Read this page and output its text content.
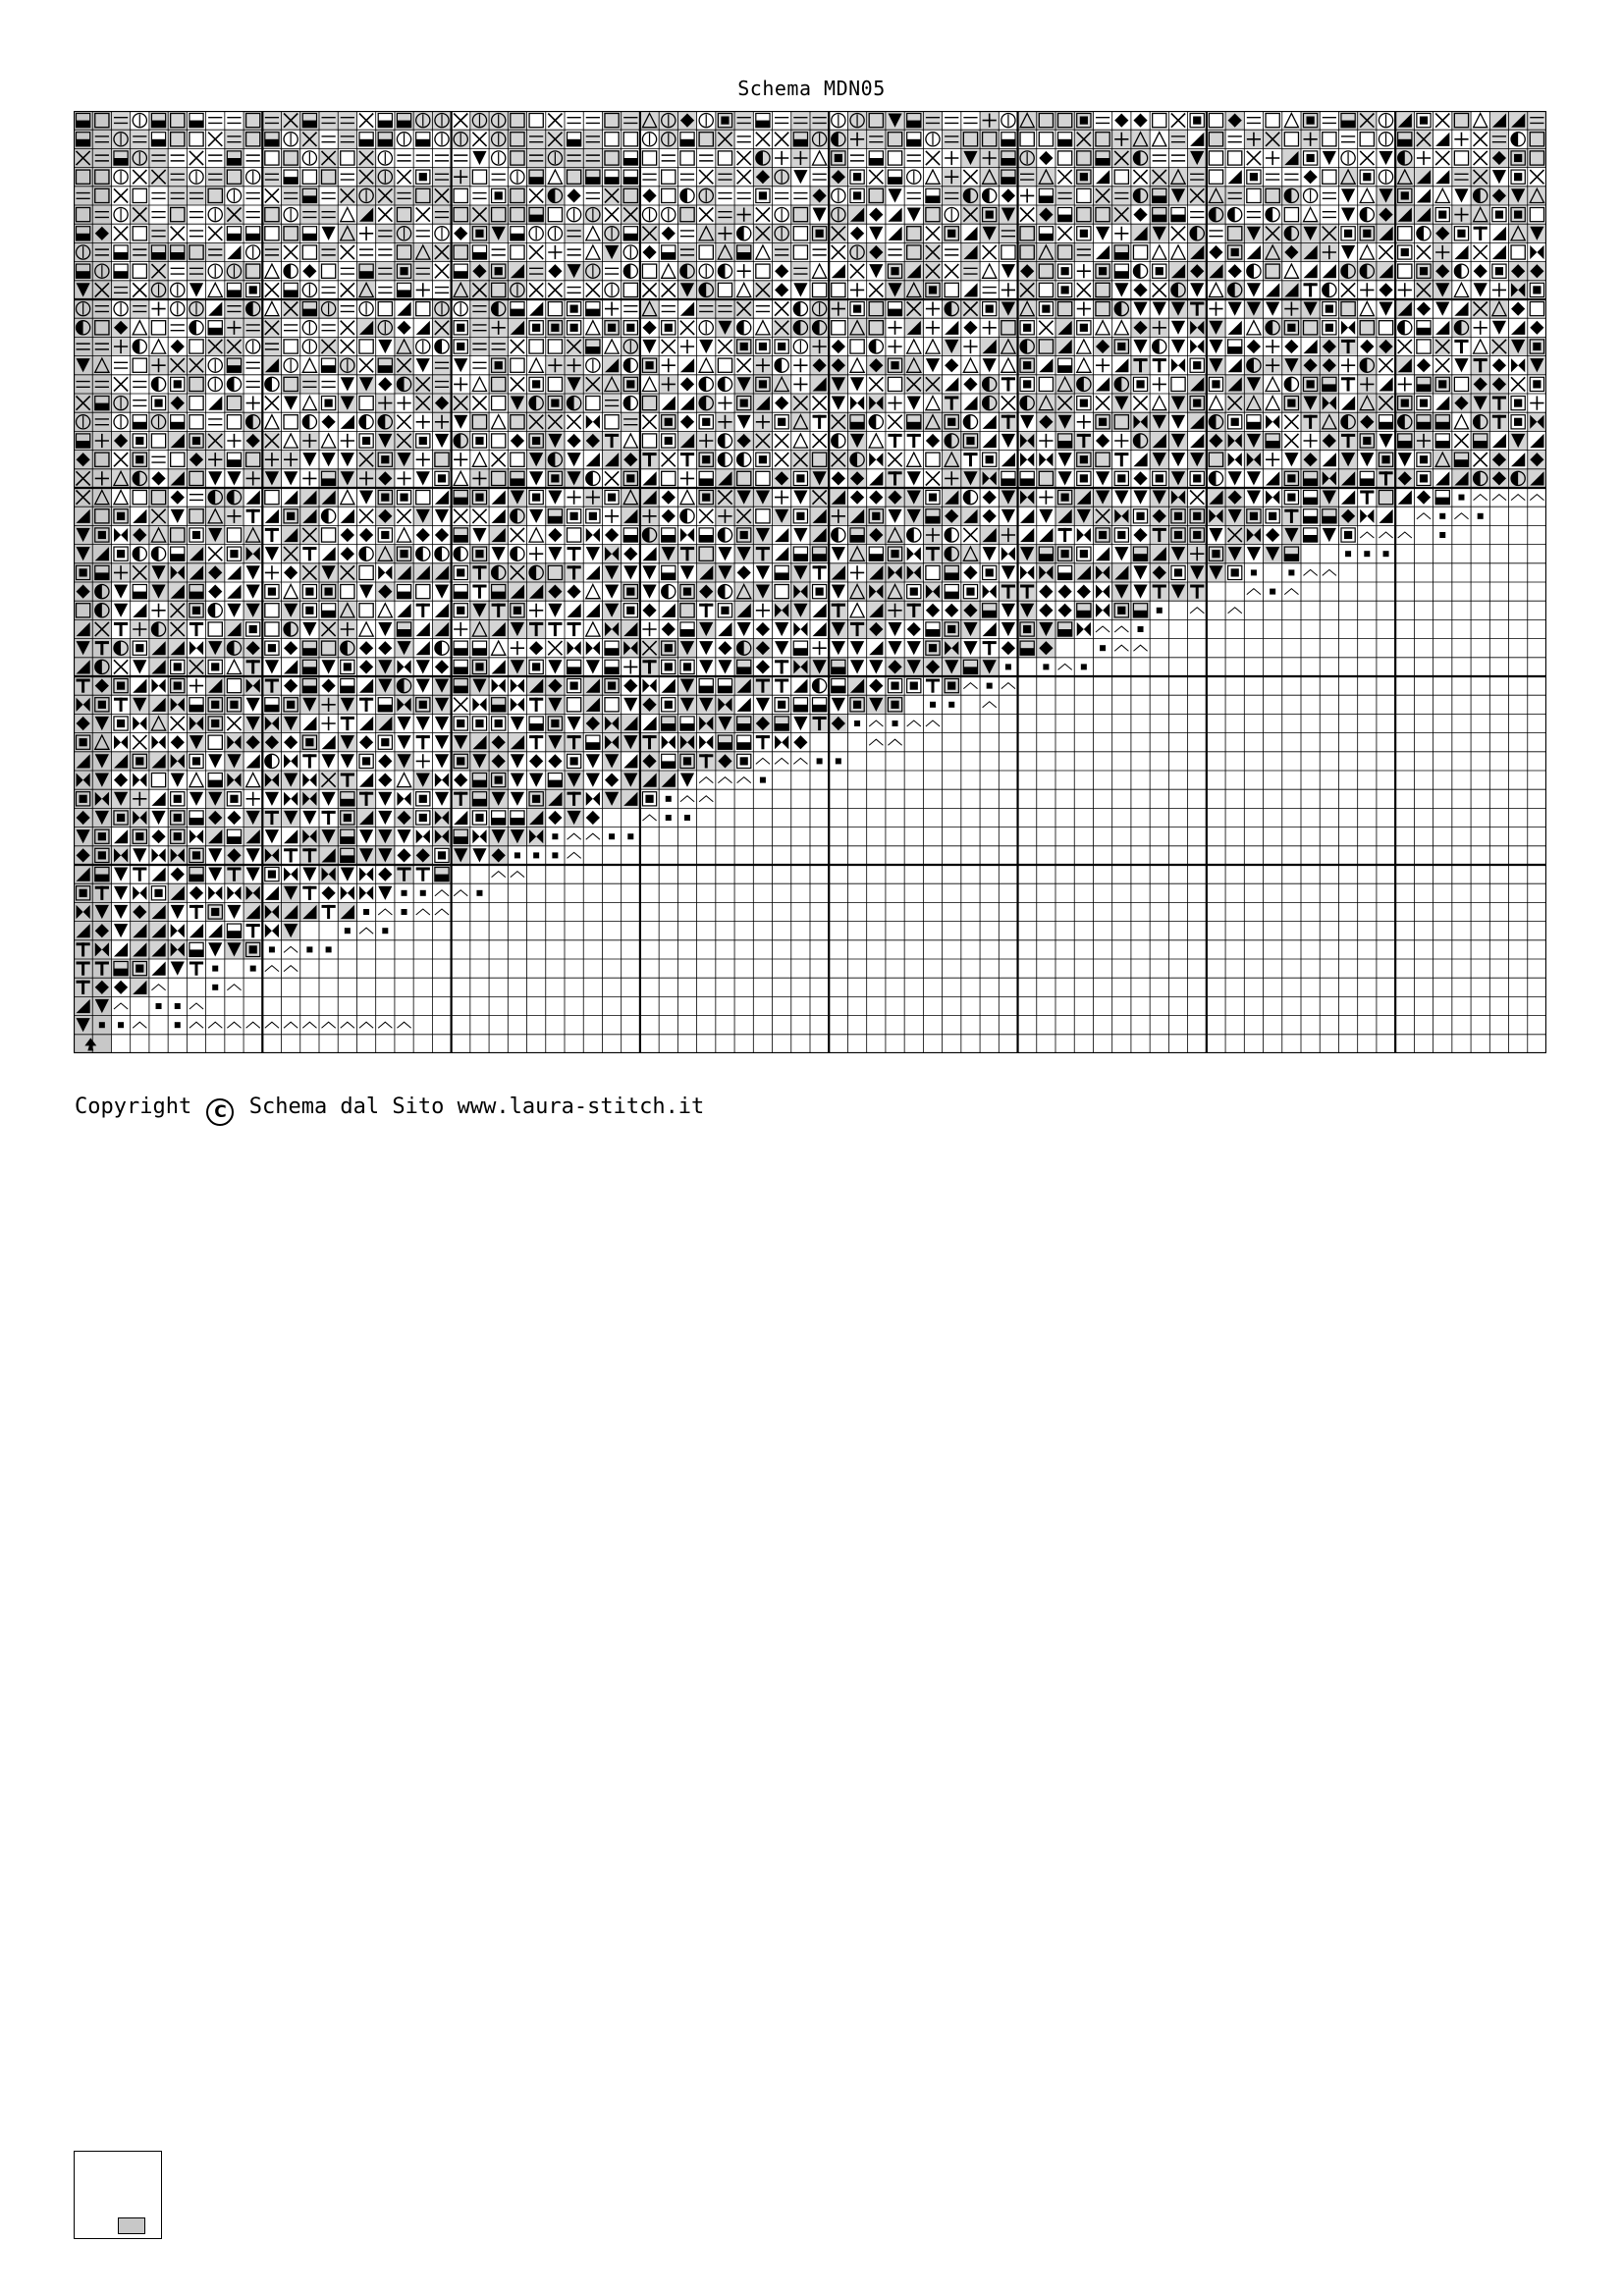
Schema MDN05
Copyright C Schema dal Sito www.laura-stitch.it
